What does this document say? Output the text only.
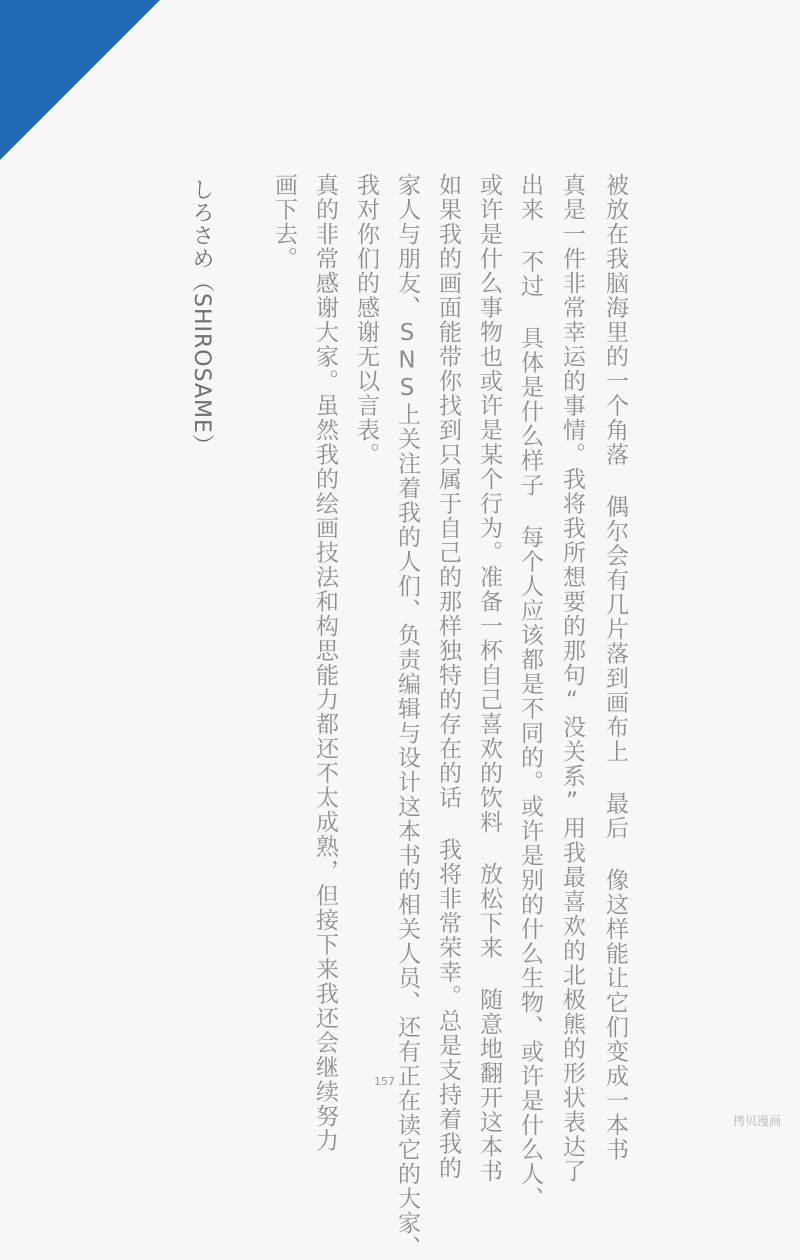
被放在我脑海里的一个角落 偶尔会有几片落到画布上 最后 像这样能让它们变成一本书
真是一件非常幸运的事情。我将我所想要的那句“没关系”用我最喜欢的北极熊的形状表达了
出来 不过 具体是什么样子 每个人应该都是不同的。或许是别的什么生物、或许是什么人、
或许是什么事物也或许是某个行为。准备一杯自己喜欢的饮料 放松下来 随意地翻开这本书
如果我的画面能带你找到只属于自己的那样独特的存在的话 我将非常荣幸。总是支持着我的
家人与朋友、SNS上关注着我的人们、负责编辑与设计这本书的相关人员、还有正在读它的大家、
我对你们的感谢无以言表。
真的非常感谢大家。虽然我的绘画技法和构思能力都还不太成熟，但接下来我还会继续努力
画下去。
しろさめ（SHIROSAME）
157
拷贝漫画
